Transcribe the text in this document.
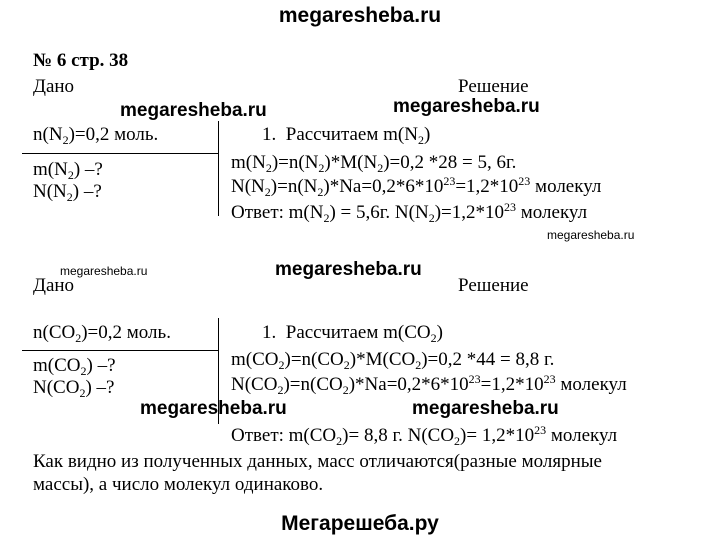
megaresheba.ru
№ 6 стр. 38
Дано	Решение
$n(N_2)=0,2$ моль.
$m(N_2)$ –?
$N(N_2)$ –?
1.  Рассчитаем $m(N_2)$
$m(N_2)=n(N_2)*M(N_2)=0,2$ *28 = 5, 6г.
$N(N_2)=n(N_2)*Na=0,2*6*10^{23}=1,2*10^{23}$ молекул
Ответ: $m(N_2) = 5,6г$. $N(N_2)=1,2*10^{23}$ молекул
Дано	Решение
$n(CO_2)=0,2$ моль.
$m(CO_2)$ –?
$N(CO_2)$ –?
1.  Рассчитаем $m(CO_2)$
$m(CO_2)=n(CO_2)*M(CO_2)=0,2$ *44 = 8,8 г.
$N(CO_2)=n(CO_2)*Na=0,2*6*10^{23}=1,2*10^{23}$ молекул
Ответ: $m(CO_2)= 8,8$ г. $N(CO_2)= 1,2*10^{23}$ молекул
Как видно из полученных данных, масс отличаются(разные молярные
массы), а число молекул одинаково.
megaresheba.ru	megaresheba.ru
megaresheba.ru
megaresheba.ru	megaresheba.ru
megaresheba.ru	megaresheba.ru
Мегарешеба.ру
